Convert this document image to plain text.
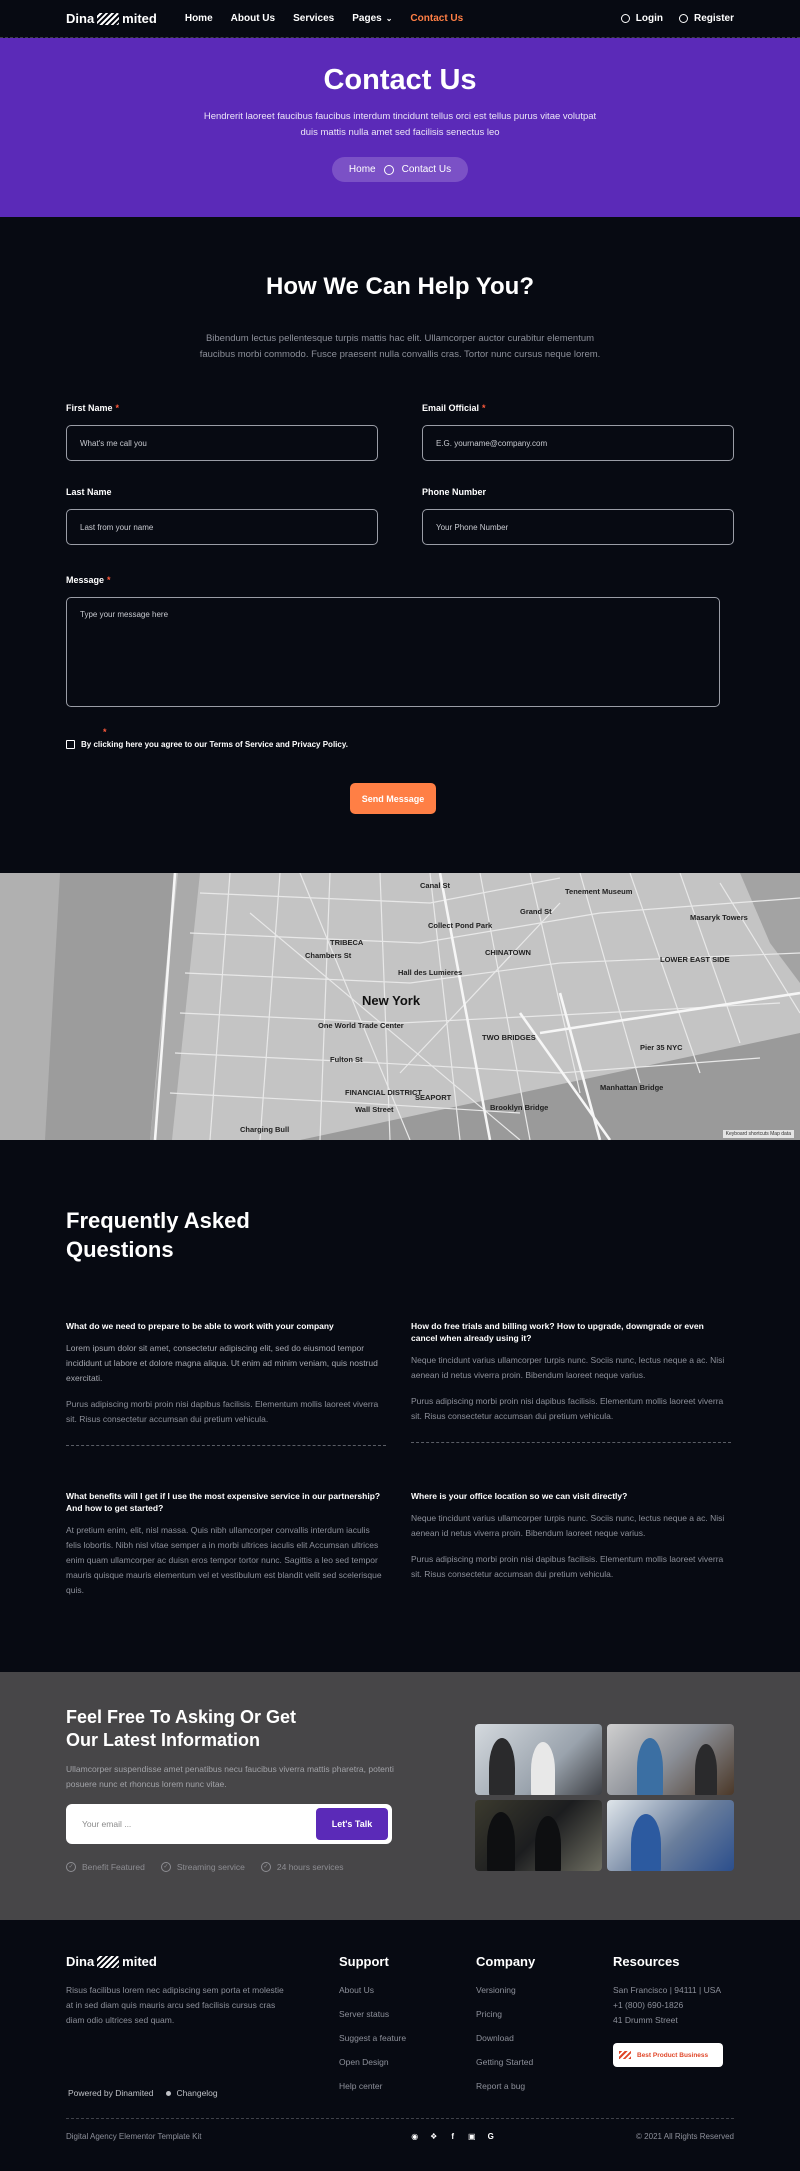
Dina mited	Home About Us Services Pages ⌄ Contact Us	Login	Register
Contact Us

Hendrerit laoreet faucibus faucibus interdum tincidunt tellus orci est tellus purus vitae volutpat duis mattis nulla amet sed facilisis senectus leo

Home	Contact Us
How We Can Help You?

Bibendum lectus pellentesque turpis mattis hac elit. Ullamcorper auctor curabitur elementum faucibus morbi commodo. Fusce praesent nulla convallis cras. Tortor nunc cursus neque lorem.

First Name *
What's me call you
Email Official *
E.G. yourname@company.com
Last Name
Last from your name
Phone Number
Your Phone Number
Message *
Type your message here
*
By clicking here you agree to our Terms of Service and Privacy Policy.
Send Message
TRIBECA
CHINATOWN
LOWER EAST SIDE
FINANCIAL DISTRICT
TWO BRIDGES
SEAPORT
Tenement Museum
Brooklyn Bridge
Manhattan Bridge
Canal St
Grand St
Fulton St
Wall Street
One World Trade Center
Chambers St
Pier 35 NYC
Charging Bull
Masaryk Towers
Hall des Lumieres
Collect Pond Park
New York
Keyboard shortcuts Map data
Frequently Asked Questions
What do we need to prepare to be able to work with your company

Lorem ipsum dolor sit amet, consectetur adipiscing elit, sed do eiusmod tempor incididunt ut labore et dolore magna aliqua. Ut enim ad minim veniam, quis nostrud exercitati.

Purus adipiscing morbi proin nisi dapibus facilisis. Elementum mollis laoreet viverra sit. Risus consectetur accumsan dui pretium vehicula.

How do free trials and billing work? How to upgrade, downgrade or even cancel when already using it?

Neque tincidunt varius ullamcorper turpis nunc. Sociis nunc, lectus neque a ac. Nisi aenean id netus viverra proin. Bibendum laoreet neque varius.

Purus adipiscing morbi proin nisi dapibus facilisis. Elementum mollis laoreet viverra sit. Risus consectetur accumsan dui pretium vehicula.

What benefits will I get if I use the most expensive service in our partnership? And how to get started?

At pretium enim, elit, nisl massa. Quis nibh ullamcorper convallis interdum iaculis felis lobortis. Nibh nisl vitae semper a in morbi ultrices iaculis elit Accumsan ultrices enim quam ullamcorper ac duisn eros tempor tortor nunc. Sagittis a leo sed tempor mauris quisque mauris elementum vel et vestibulum est blandit velit sed scelerisque quis.

Where is your office location so we can visit directly?

Neque tincidunt varius ullamcorper turpis nunc. Sociis nunc, lectus neque a ac. Nisi aenean id netus viverra proin. Bibendum laoreet neque varius.

Purus adipiscing morbi proin nisi dapibus facilisis. Elementum mollis laoreet viverra sit. Risus consectetur accumsan dui pretium vehicula.

Feel Free To Asking Or Get Our Latest Information

Ullamcorper suspendisse amet penatibus necu faucibus viverra mattis pharetra, potenti posuere nunc et rhoncus lorem nunc vitae.

Your email ...	Let's Talk
✓ Benefit Featured	✓ Streaming service	✓ 24 hours services
Dina mited

Risus facilibus lorem nec adipiscing sem porta et molestie at in sed diam quis mauris arcu sed facilisis cursus cras diam odio ultrices sed quam.

Support
About Us
Server status
Suggest a feature
Open Design
Help center
Company
Versioning
Pricing
Download
Getting Started
Report a bug
Resources
San Francisco | 94111 | USA
+1 (800) 690-1826
41 Drumm Street
Best Product Business
Powered by Dinamited	Changelog
Digital Agency Elementor Template Kit	◉ ❖	f	▣ G	© 2021 All Rights Reserved
